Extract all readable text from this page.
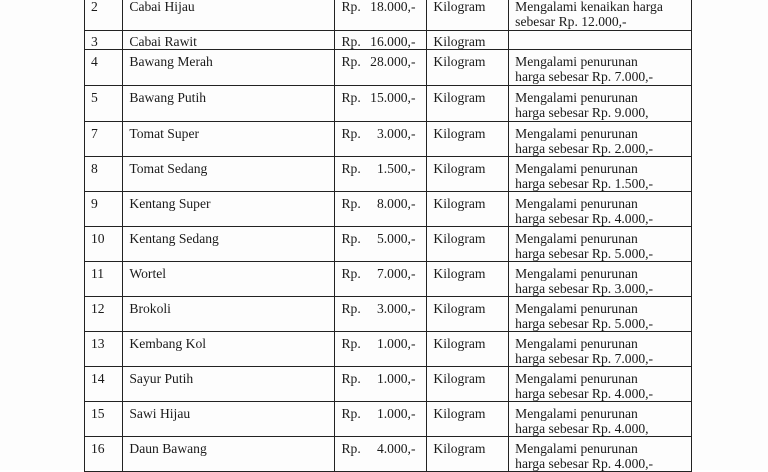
2	Cabai Hijau	Rp. 18.000,-	Kilogram	Mengalami kenaikan harga
sebesar Rp. 12.000,-

3	Cabai Rawit	Rp. 16.000,-	Kilogram	
4	Bawang Merah	Rp. 28.000,-	Kilogram	Mengalami penurunan
harga sebesar Rp. 7.000,-

5	Bawang Putih	Rp. 15.000,-	Kilogram	Mengalami penurunan
harga sebesar Rp. 9.000,

7	Tomat Super	Rp. 3.000,-	Kilogram	Mengalami penurunan
harga sebesar Rp. 2.000,-

8	Tomat Sedang	Rp. 1.500,-	Kilogram	Mengalami penurunan
harga sebesar Rp. 1.500,-

9	Kentang Super	Rp. 8.000,-	Kilogram	Mengalami penurunan
harga sebesar Rp. 4.000,-

10	Kentang Sedang	Rp. 5.000,-	Kilogram	Mengalami penurunan
harga sebesar Rp. 5.000,-

11	Wortel	Rp. 7.000,-	Kilogram	Mengalami penurunan
harga sebesar Rp. 3.000,-

12	Brokoli	Rp. 3.000,-	Kilogram	Mengalami penurunan
harga sebesar Rp. 5.000,-

13	Kembang Kol	Rp. 1.000,-	Kilogram	Mengalami penurunan
harga sebesar Rp. 7.000,-

14	Sayur Putih	Rp. 1.000,-	Kilogram	Mengalami penurunan
harga sebesar Rp. 4.000,-

15	Sawi Hijau	Rp. 1.000,-	Kilogram	Mengalami penurunan
harga sebesar Rp. 4.000,

16	Daun Bawang	Rp. 4.000,-	Kilogram	Mengalami penurunan
harga sebesar Rp. 4.000,-
